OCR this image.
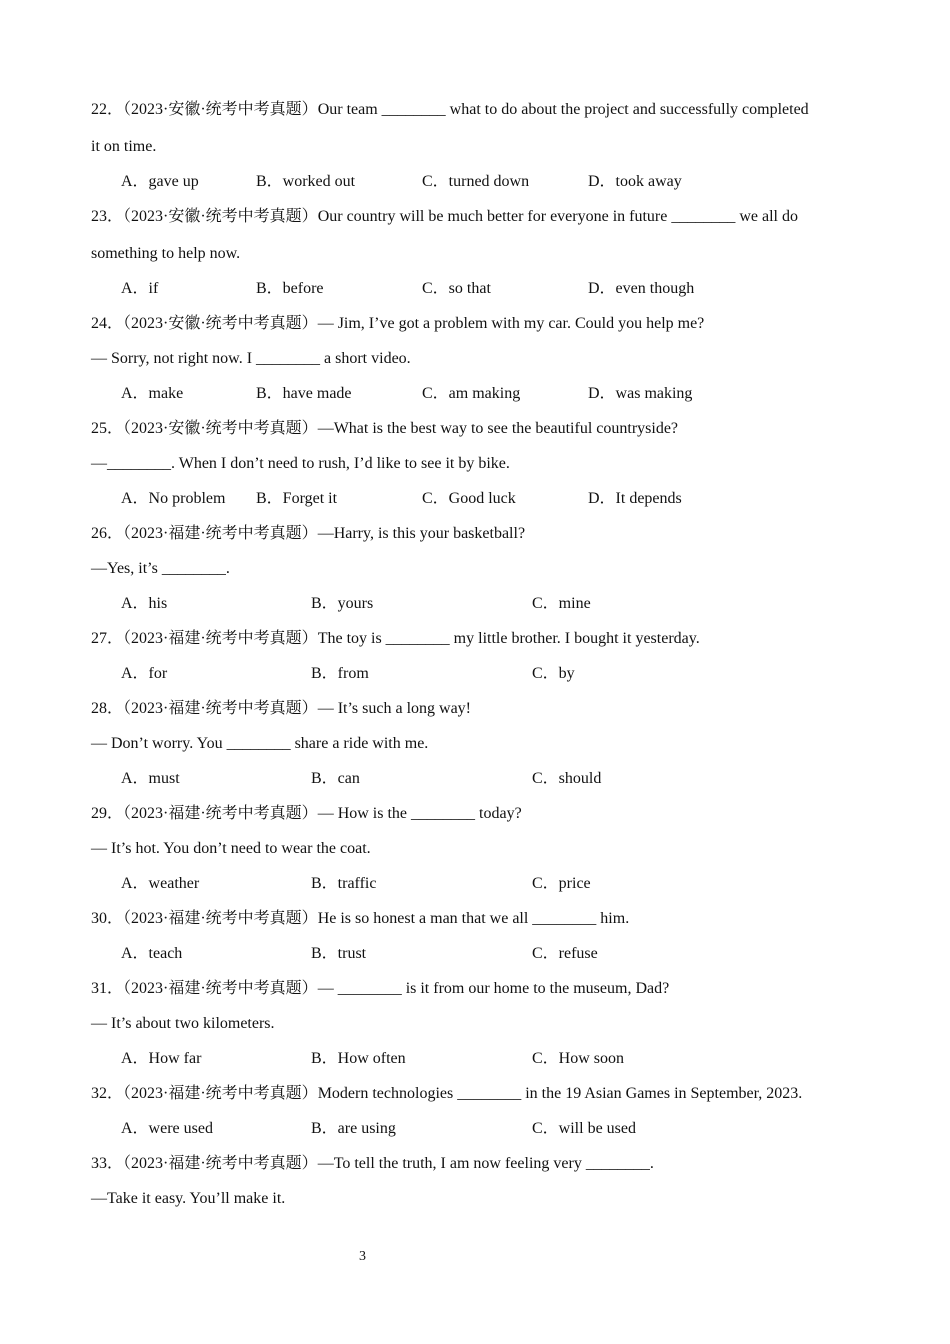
22．（2023·安徽·统考中考真题）Our team ________ what to do about the project and successfully completed
it on time.
A．gave up	B．worked out	C．turned down	D．took away
23．（2023·安徽·统考中考真题）Our country will be much better for everyone in future ________ we all do
something to help now.
A．if	B．before	C．so that	D．even though
24．（2023·安徽·统考中考真题）— Jim, I’ve got a problem with my car. Could you help me?
— Sorry, not right now. I ________ a short video.
A．make	B．have made	C．am making	D．was making
25．（2023·安徽·统考中考真题）—What is the best way to see the beautiful countryside?
—________. When I don’t need to rush, I’d like to see it by bike.
A．No problem B．Forget it	C．Good luck	D．It depends
26．（2023·福建·统考中考真题）—Harry, is this your basketball?
—Yes, it’s ________.
A．his	B．yours	C．mine
27．（2023·福建·统考中考真题）The toy is ________ my little brother. I bought it yesterday.
A．for	B．from	C．by
28．（2023·福建·统考中考真题）— It’s such a long way!
— Don’t worry. You ________ share a ride with me.
A．must	B．can	C．should
29．（2023·福建·统考中考真题）— How is the ________ today?
— It’s hot. You don’t need to wear the coat.
A．weather	B．traffic	C．price
30．（2023·福建·统考中考真题）He is so honest a man that we all ________ him.
A．teach	B．trust	C．refuse
31．（2023·福建·统考中考真题）— ________ is it from our home to the museum, Dad?
— It’s about two kilometers.
A．How far	B．How often	C．How soon
32．（2023·福建·统考中考真题）Modern technologies ________ in the 19 Asian Games in September, 2023.
A．were used	B．are using	C．will be used
33．（2023·福建·统考中考真题）—To tell the truth, I am now feeling very ________.
—Take it easy. You’ll make it.
3
